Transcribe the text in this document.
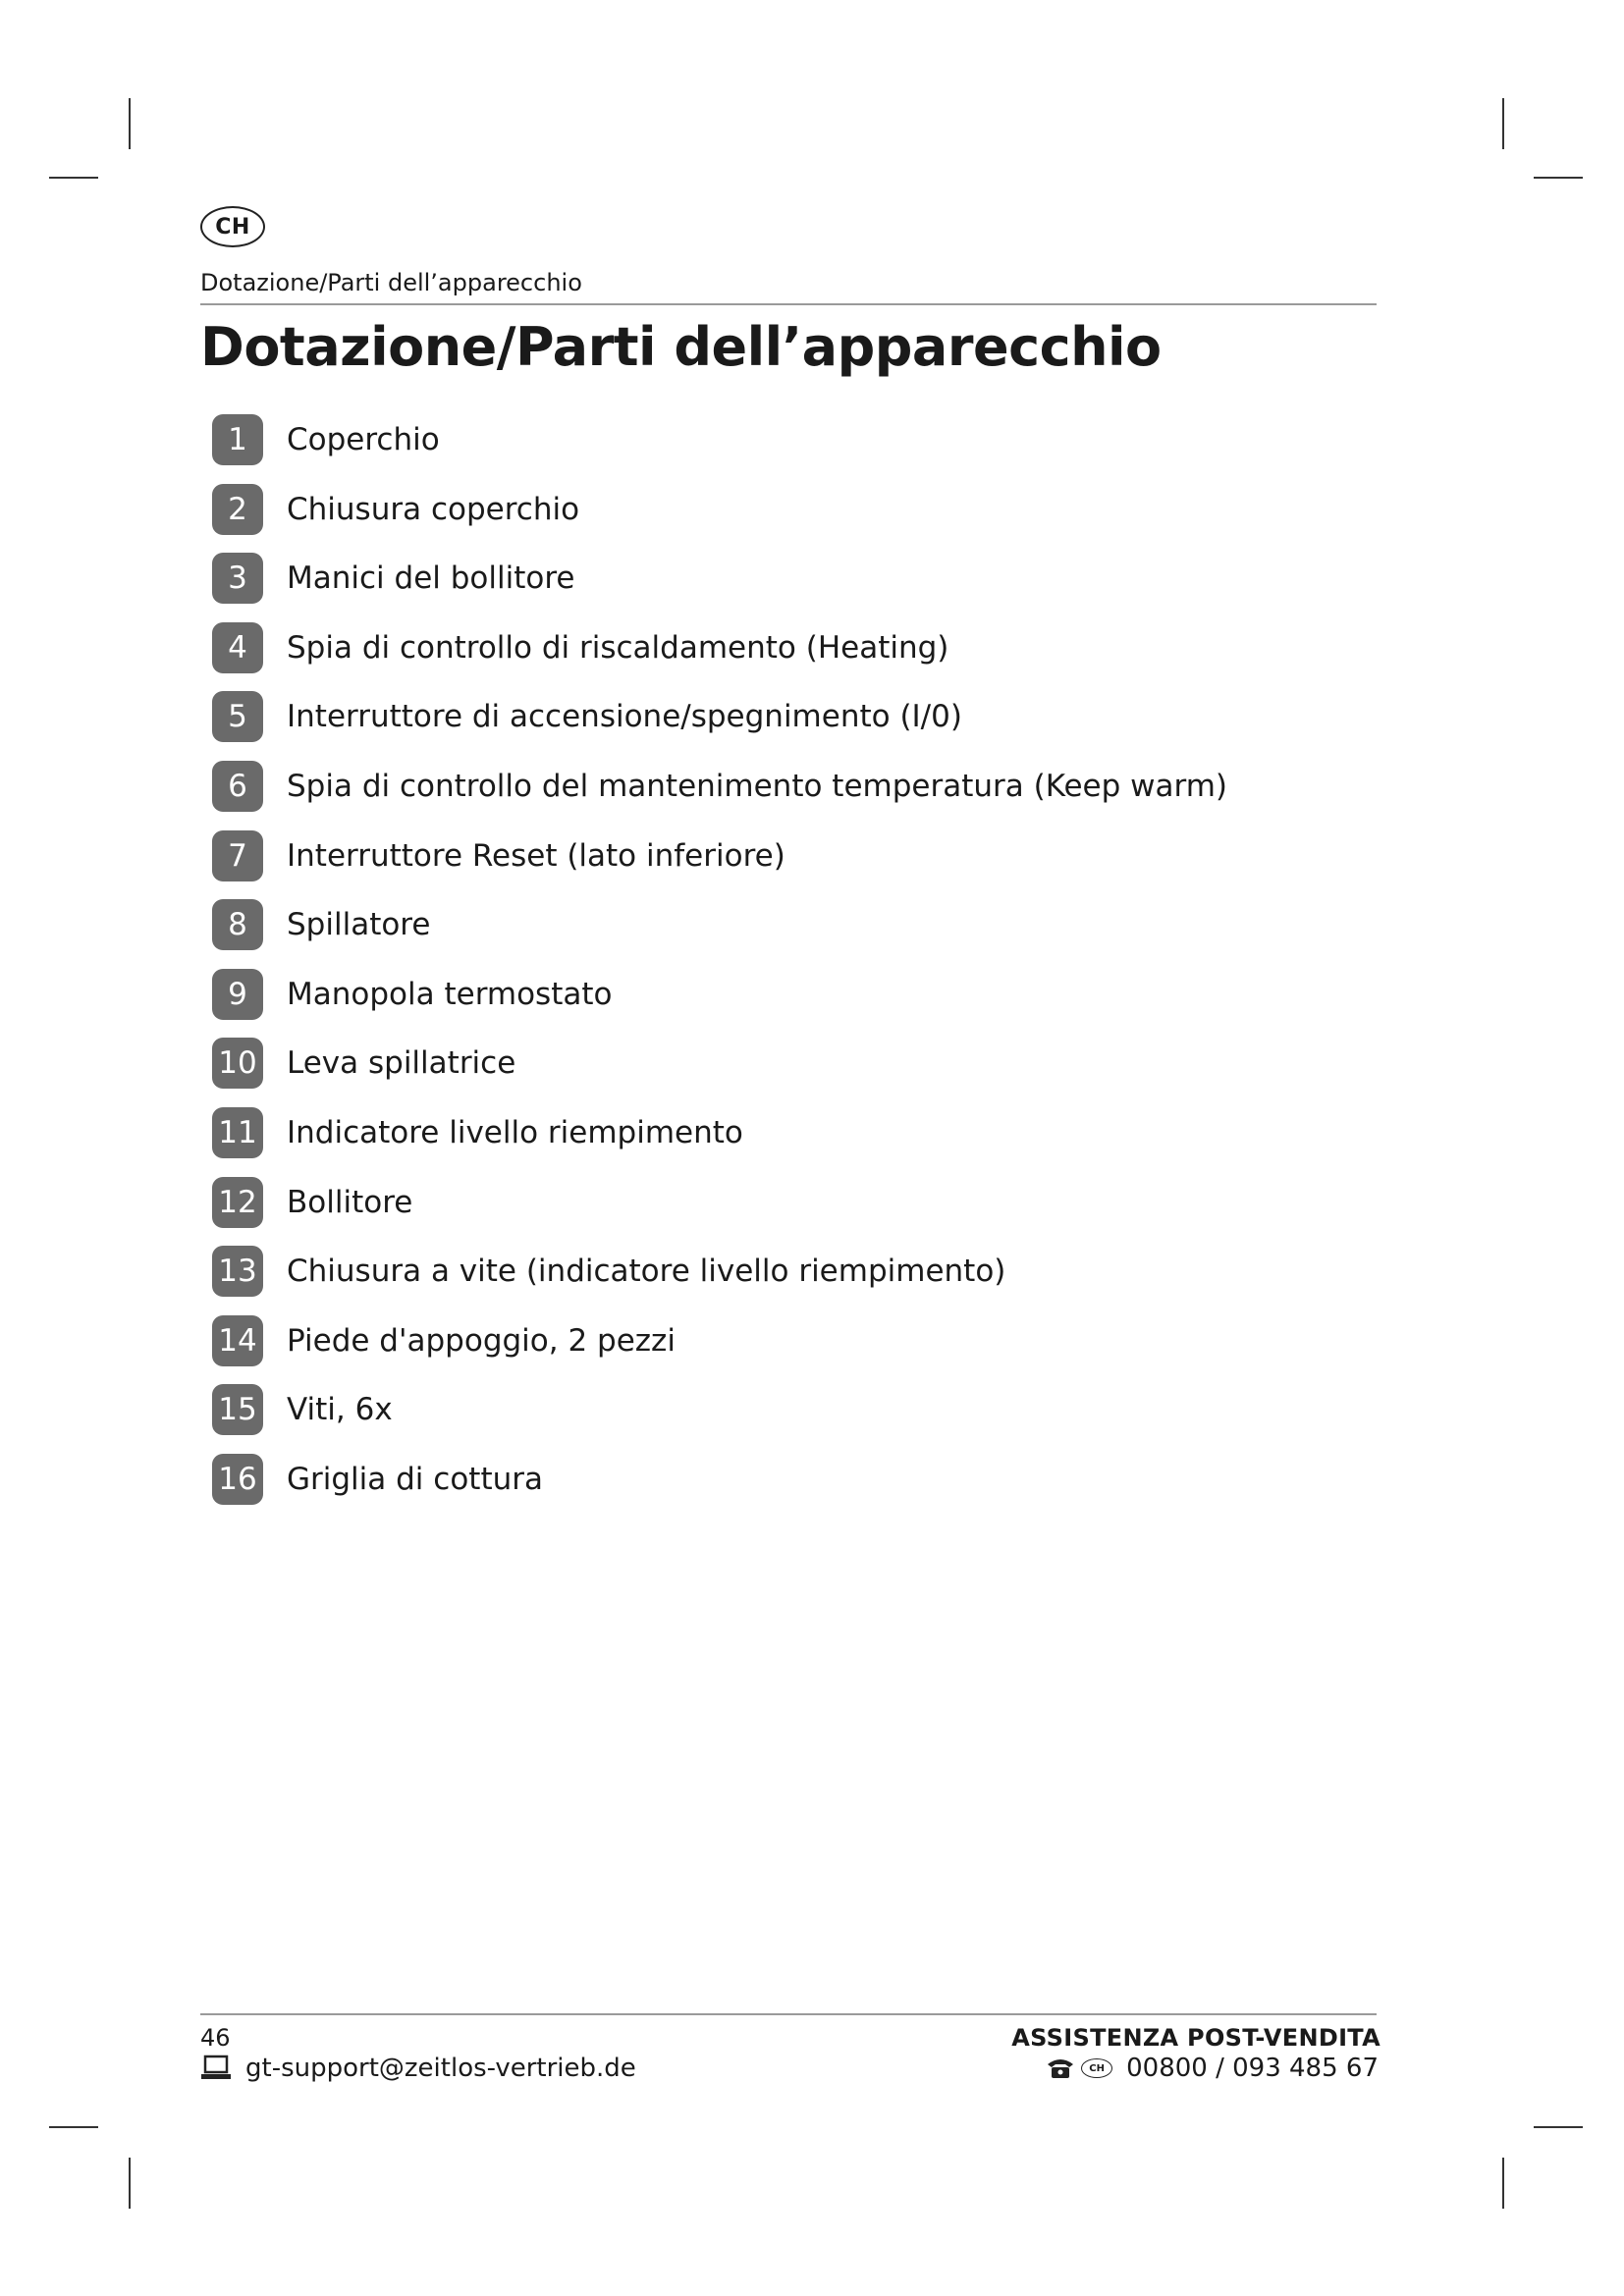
CH
Dotazione/Parti dell’apparecchio
Dotazione/Parti dell’apparecchio
1	Coperchio
2	Chiusura coperchio
3	Manici del bollitore
4	Spia di controllo di riscaldamento (Heating)
5	Interruttore di accensione/spegnimento (I/0)
6	Spia di controllo del mantenimento temperatura (Keep warm)
7	Interruttore Reset (lato inferiore)
8	Spillatore
9	Manopola termostato
10 Leva spillatrice
11 Indicatore livello riempimento
12 Bollitore
13 Chiusura a vite (indicatore livello riempimento)
14 Piede d'appoggio, 2 pezzi
15 Viti, 6x
16 Griglia di cottura
46
gt-support@zeitlos-vertrieb.de
ASSISTENZA POST-VENDITA
CH 00800 / 093 485 67
